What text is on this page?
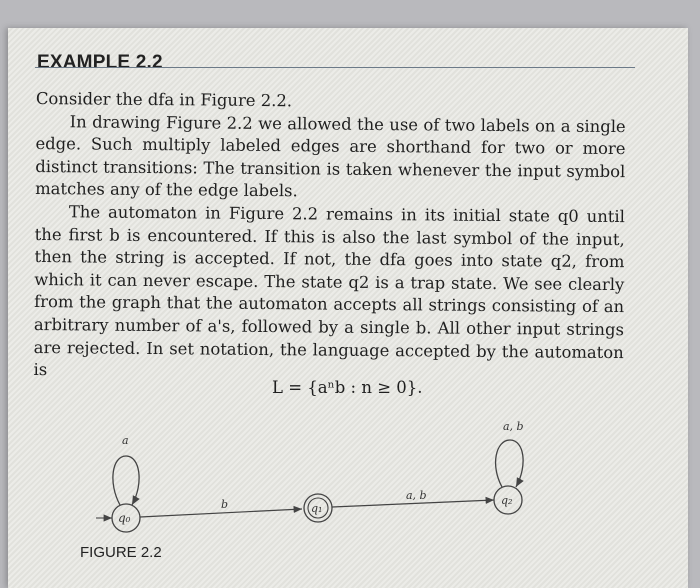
EXAMPLE 2.2

Consider the dfa in Figure 2.2.

In drawing Figure 2.2 we allowed the use of two labels on a single edge. Such multiply labeled edges are shorthand for two or more distinct transitions: The transition is taken whenever the input symbol matches any of the edge labels.

The automaton in Figure 2.2 remains in its initial state q0 until the first b is encountered. If this is also the last symbol of the input, then the string is accepted. If not, the dfa goes into state q2, from which it can never escape. The state q2 is a trap state. We see clearly from the graph that the automaton accepts all strings consisting of an arbitrary number of a's, followed by a single b. All other input strings are rejected. In set notation, the language accepted by the automaton is

L = {aⁿb : n ≥ 0}.
q₀
a
b	q₁
a, b	q₂
a, b
FIGURE 2.2
